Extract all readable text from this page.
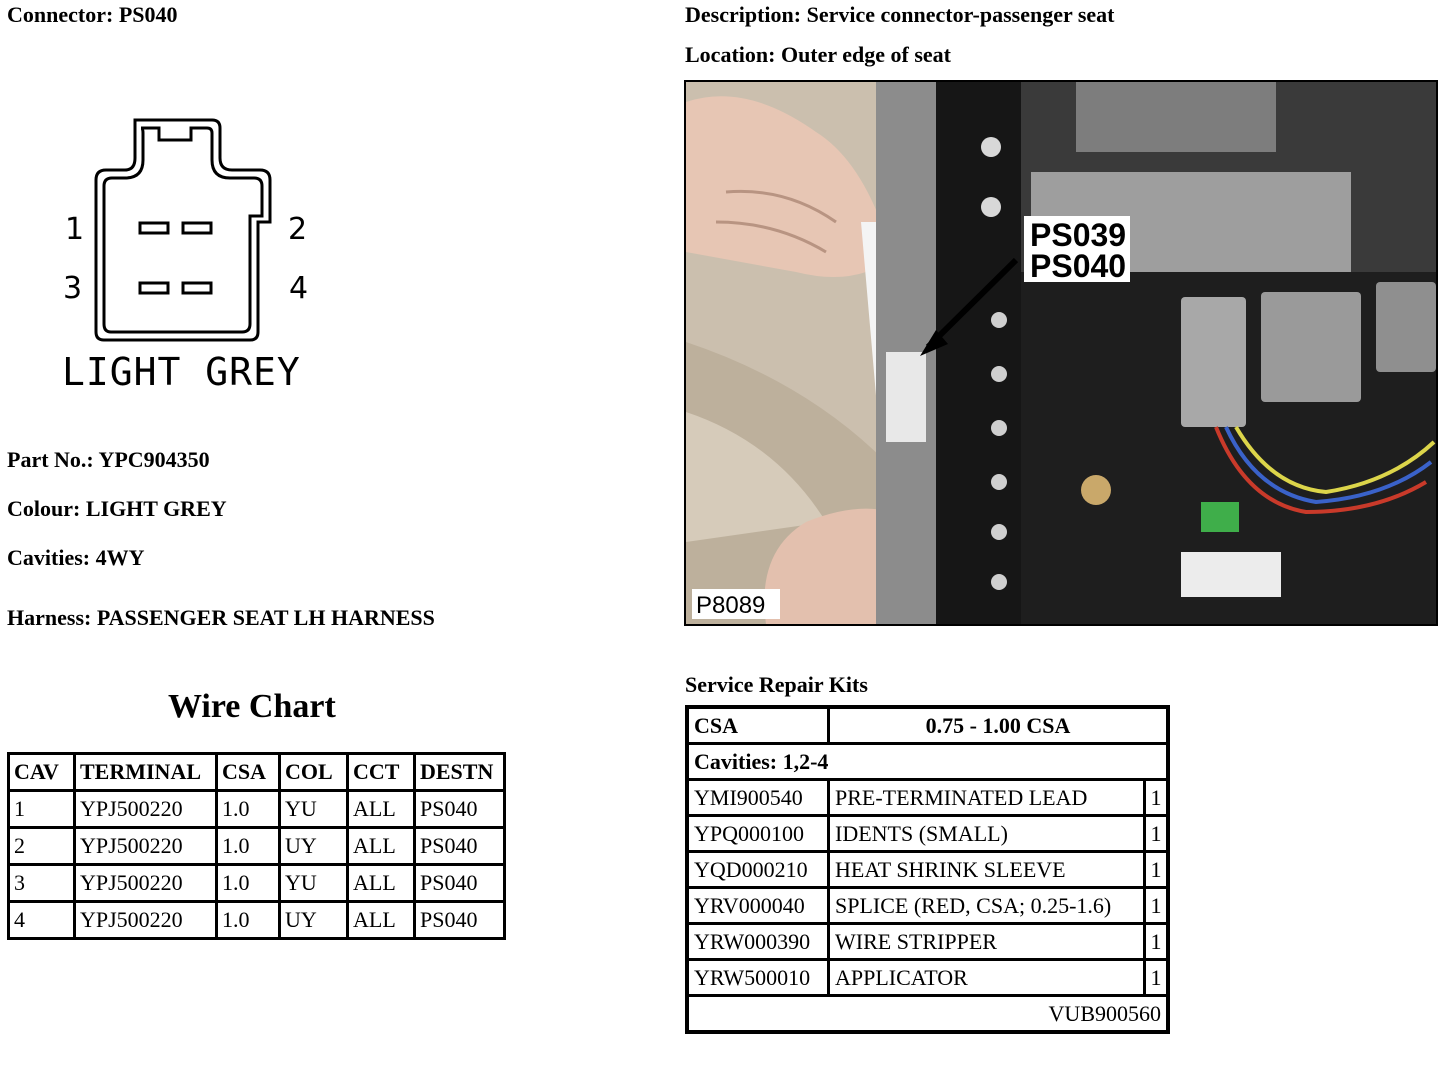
Connector: PS040	Description: Service connector-passenger seat
Location: Outer edge of seat
1	2
3	4
LIGHT GREY
Part No.: YPC904350
Colour: LIGHT GREY
Cavities: 4WY
Harness: PASSENGER SEAT LH HARNESS
PS039
PS040
P8089
Wire Chart
CAV	TERMINAL	CSA	COL	CCT	DESTN
1	YPJ500220	1.0	YU	ALL	PS040
2	YPJ500220	1.0	UY	ALL	PS040
3	YPJ500220	1.0	YU	ALL	PS040
4	YPJ500220	1.0	UY	ALL	PS040
Service Repair Kits
CSA	0.75 - 1.00 CSA	
Cavities: 1,2-4		
YMI900540	PRE-TERMINATED LEAD	1
YPQ000100	IDENTS (SMALL)	1
YQD000210	HEAT SHRINK SLEEVE	1
YRV000040	SPLICE (RED, CSA; 0.25-1.6)	1
YRW000390	WIRE STRIPPER	1
YRW500010	APPLICATOR	1
VUB900560		
